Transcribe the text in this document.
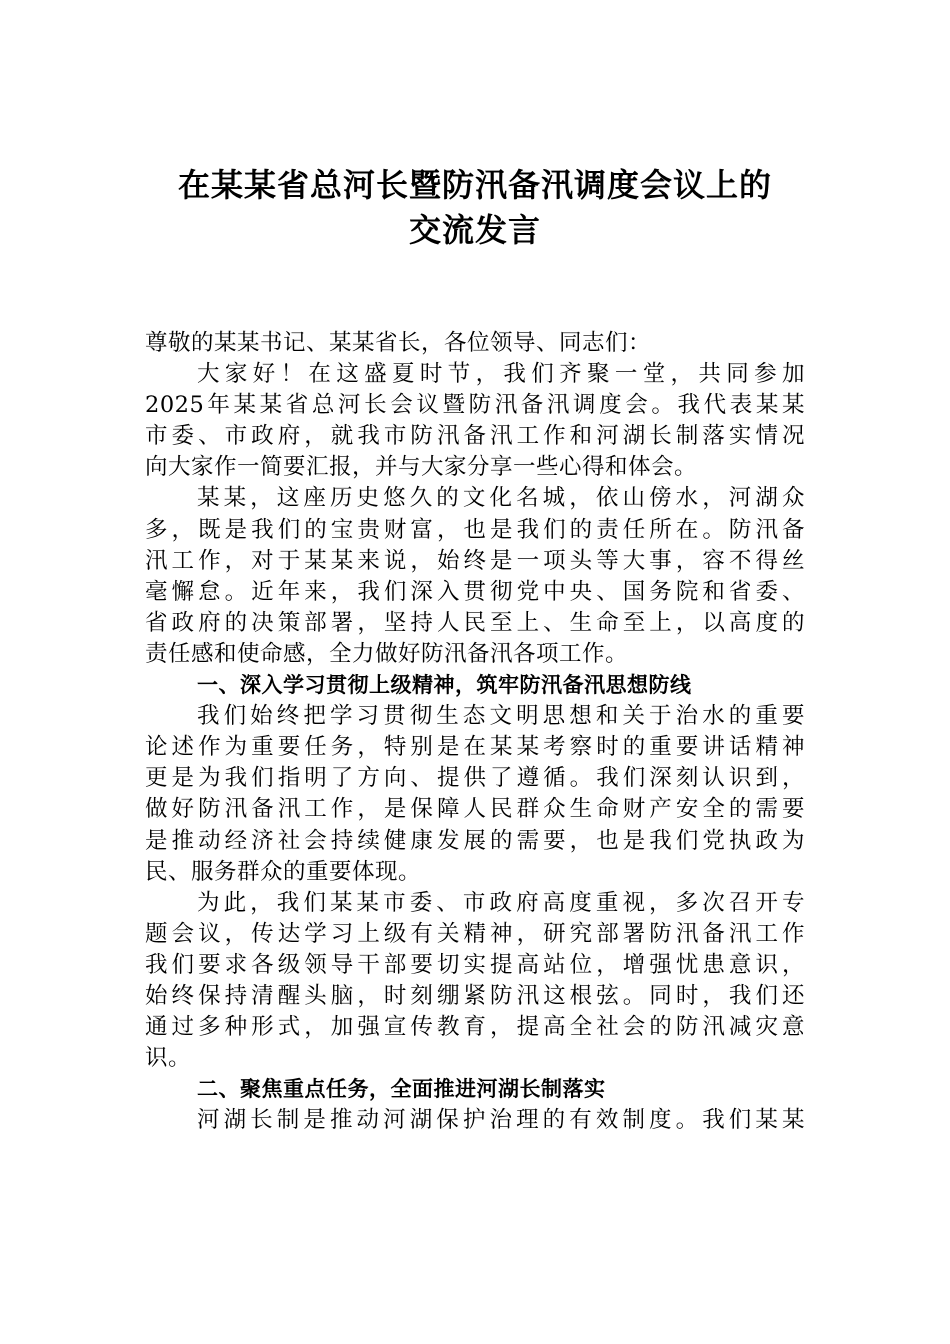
在某某省总河长暨防汛备汛调度会议上的
交流发言
尊敬的某某书记、某某省长，各位领导、同志们：
大家好！在这盛夏时节，我们齐聚一堂，共同参加
2025年某某省总河长会议暨防汛备汛调度会。我代表某某
市委、市政府，就我市防汛备汛工作和河湖长制落实情况
向大家作一简要汇报，并与大家分享一些心得和体会。
某某，这座历史悠久的文化名城，依山傍水，河湖众
多，既是我们的宝贵财富，也是我们的责任所在。防汛备
汛工作，对于某某来说，始终是一项头等大事，容不得丝
毫懈怠。近年来，我们深入贯彻党中央、国务院和省委、
省政府的决策部署，坚持人民至上、生命至上，以高度的
责任感和使命感，全力做好防汛备汛各项工作。
一、深入学习贯彻上级精神，筑牢防汛备汛思想防线
我们始终把学习贯彻生态文明思想和关于治水的重要
论述作为重要任务，特别是在某某考察时的重要讲话精神
更是为我们指明了方向、提供了遵循。我们深刻认识到，
做好防汛备汛工作，是保障人民群众生命财产安全的需要
是推动经济社会持续健康发展的需要，也是我们党执政为
民、服务群众的重要体现。
为此，我们某某市委、市政府高度重视，多次召开专
题会议，传达学习上级有关精神，研究部署防汛备汛工作
我们要求各级领导干部要切实提高站位，增强忧患意识，
始终保持清醒头脑，时刻绷紧防汛这根弦。同时，我们还
通过多种形式，加强宣传教育，提高全社会的防汛减灾意
识。
二、聚焦重点任务，全面推进河湖长制落实
河湖长制是推动河湖保护治理的有效制度。我们某某
